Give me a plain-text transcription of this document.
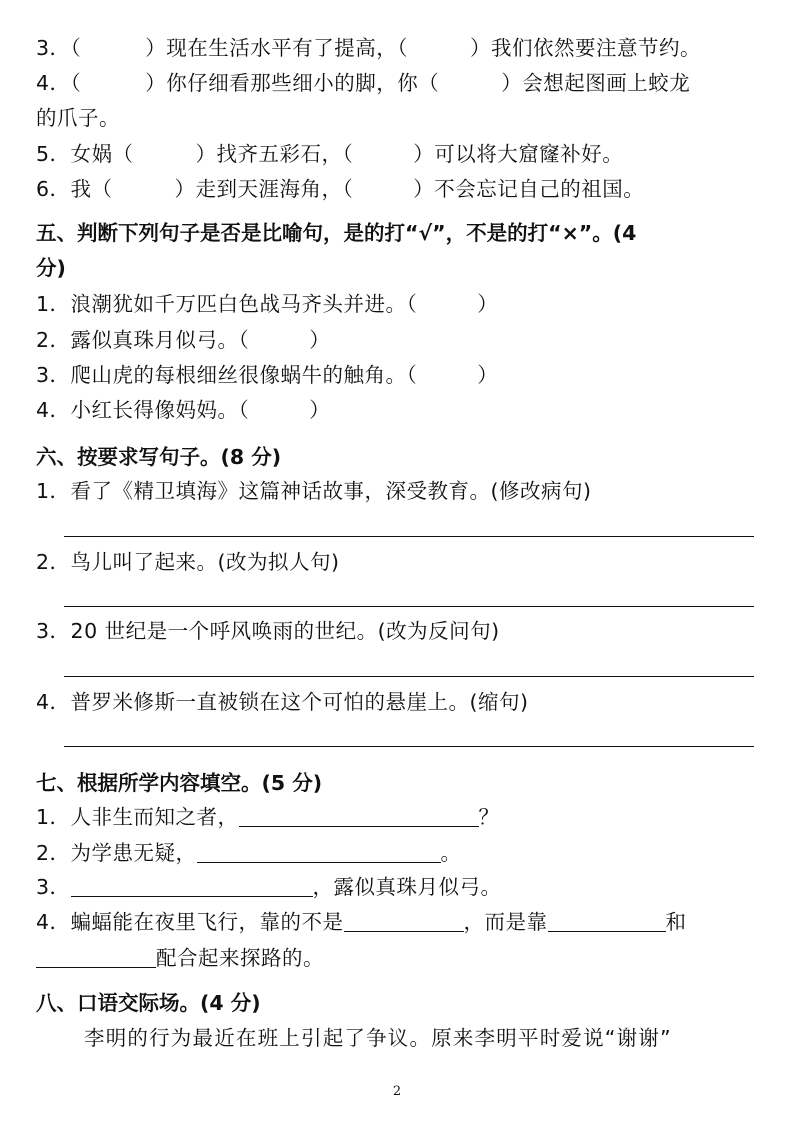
3．（	）现在生活水平有了提高，（	）我们依然要注意节约。
4．（	）你仔细看那些细小的脚，你（	）会想起图画上蛟龙
的爪子。
5．女娲（	）找齐五彩石，（	）可以将大窟窿补好。
6．我（	）走到天涯海角，（	）不会忘记自己的祖国。
五、判断下列句子是否是比喻句，是的打“√”，不是的打“×”。(4
分)
1．浪潮犹如千万匹白色战马齐头并进。（	）
2．露似真珠月似弓。（	）
3．爬山虎的每根细丝很像蜗牛的触角。（	）
4．小红长得像妈妈。（	）
六、按要求写句子。(8 分)
1．看了《精卫填海》这篇神话故事，深受教育。(修改病句)
2．鸟儿叫了起来。(改为拟人句)
3．20 世纪是一个呼风唤雨的世纪。(改为反问句)
4．普罗米修斯一直被锁在这个可怕的悬崖上。(缩句)
七、根据所学内容填空。(5 分)
1．人非生而知之者，	？
2．为学患无疑，	。
3．	，露似真珠月似弓。
4．蝙蝠能在夜里飞行，靠的不是	，而是靠	和
配合起来探路的。
八、口语交际场。(4 分)
李明的行为最近在班上引起了争议。原来李明平时爱说“谢谢”
2
